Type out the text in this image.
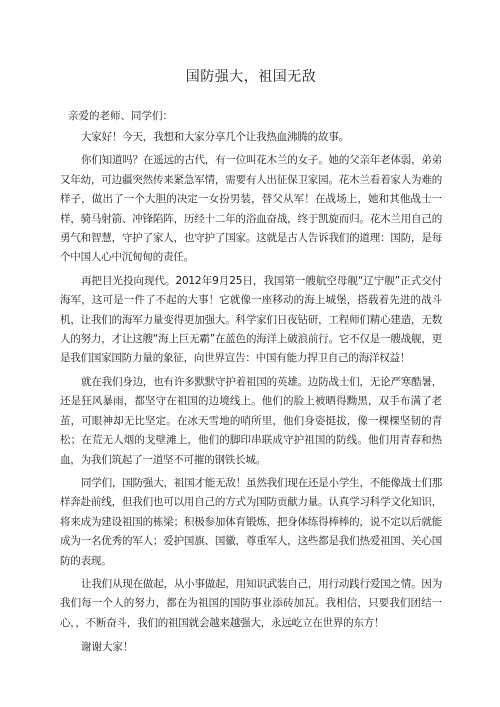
国防强大，祖国无敌

亲爱的老师、同学们：

大家好！今天，我想和大家分享几个让我热血沸腾的故事。

你们知道吗？在遥远的古代，有一位叫花木兰的女子。她的父亲年老体弱，弟弟又年幼，可边疆突然传来紧急军情，需要有人出征保卫家园。花木兰看着家人为难的样子，做出了一个大胆的决定一女扮男装，替父从军！在战场上，她和其他战士一样，骑马射箭、冲锋陷阵，历经十二年的浴血奋战，终于凯旋而归。花木兰用自己的勇气和智慧，守护了家人，也守护了国家。这就是古人告诉我们的道理：国防，是每个中国人心中沉甸甸的责任。

再把目光投向现代。2012年9月25日，我国第一艘航空母舰“辽宁舰”正式交付海军，这可是一件了不起的大事！它就像一座移动的海上城堡，搭载着先进的战斗机，让我们的海军力量变得更加强大。科学家们日夜钻研，工程师们精心建造，无数人的努力，才让这艘“海上巨无霸”在蓝色的海洋上破浪前行。它不仅是一艘战舰，更是我们国家国防力量的象征，向世界宣告：中国有能力捍卫自己的海洋权益！

就在我们身边，也有许多默默守护着祖国的英雄。边防战士们，无论严寒酷暑，还是狂风暴雨，都坚守在祖国的边境线上。他们的脸上被晒得黝黑，双手布满了老茧，可眼神却无比坚定。在冰天雪地的哨所里，他们身姿挺拔，像一棵棵坚韧的青松；在荒无人烟的戈壁滩上，他们的脚印串联成守护祖国的防线。他们用青春和热血，为我们筑起了一道坚不可摧的钢铁长城。

同学们，国防强大，祖国才能无敌！虽然我们现在还是小学生，不能像战士们那样奔赴前线，但我们也可以用自己的方式为国防贡献力量。认真学习科学文化知识，将来成为建设祖国的栋梁；积极参加体育锻炼，把身体练得棒棒的，说不定以后就能成为一名优秀的军人；爱护国旗、国徽，尊重军人，这些都是我们热爱祖国、关心国防的表现。

让我们从现在做起，从小事做起，用知识武装自己，用行动践行爱国之情。因为我们每一个人的努力，都在为祖国的国防事业添砖加瓦。我相信，只要我们团结一心，，不断奋斗，我们的祖国就会越来越强大，永远屹立在世界的东方！

谢谢大家！
